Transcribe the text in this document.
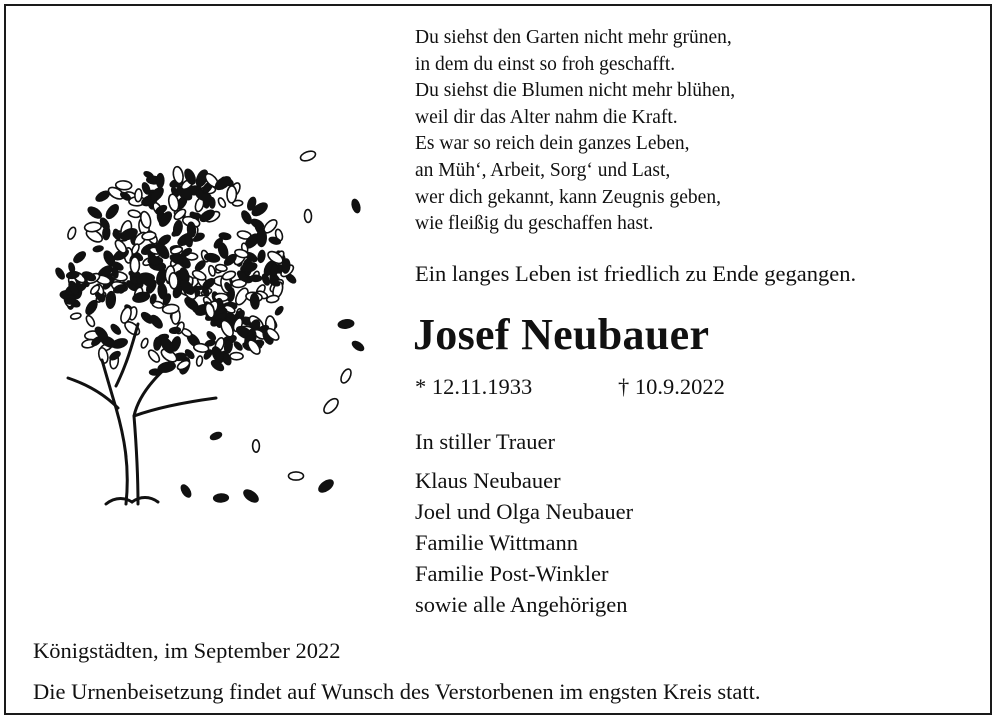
Du siehst den Garten nicht mehr grünen,
in dem du einst so froh geschafft.
Du siehst die Blumen nicht mehr blühen,
weil dir das Alter nahm die Kraft.
Es war so reich dein ganzes Leben,
an Müh‘, Arbeit, Sorg‘ und Last,
wer dich gekannt, kann Zeugnis geben,
wie fleißig du geschaffen hast.
Ein langes Leben ist friedlich zu Ende gegangen.
Josef Neubauer
* 12.11.1933	† 10.9.2022
In stiller Trauer
Klaus Neubauer
Joel und Olga Neubauer
Familie Wittmann
Familie Post-Winkler
sowie alle Angehörigen
Königstädten, im September 2022
Die Urnenbeisetzung findet auf Wunsch des Verstorbenen im engsten Kreis statt.
